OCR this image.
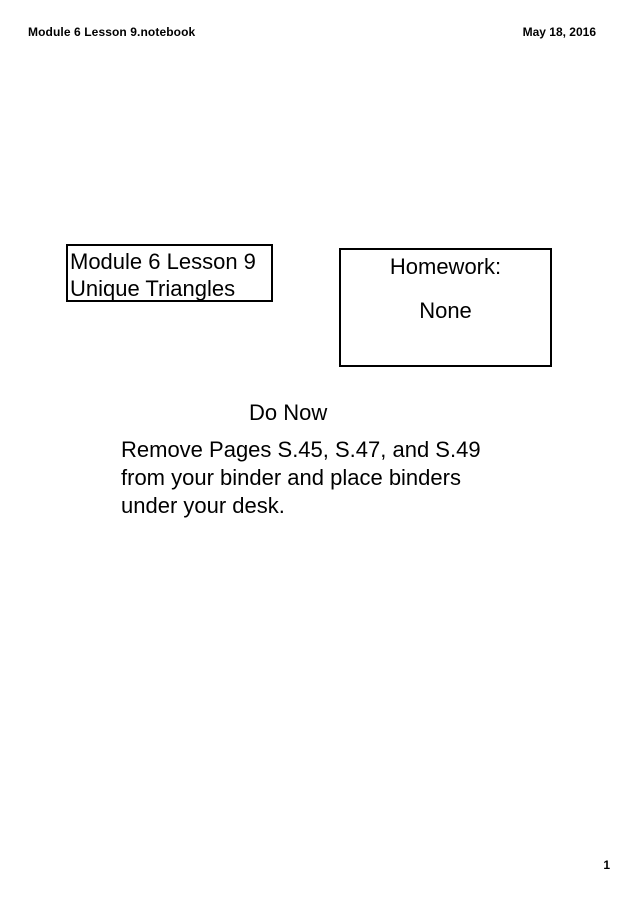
Module 6 Lesson 9.notebook	May 18, 2016
Module 6 Lesson 9
Unique Triangles
Homework:
None
Do Now
Remove Pages S.45, S.47, and S.49
from your binder and place binders
under your desk.
1
